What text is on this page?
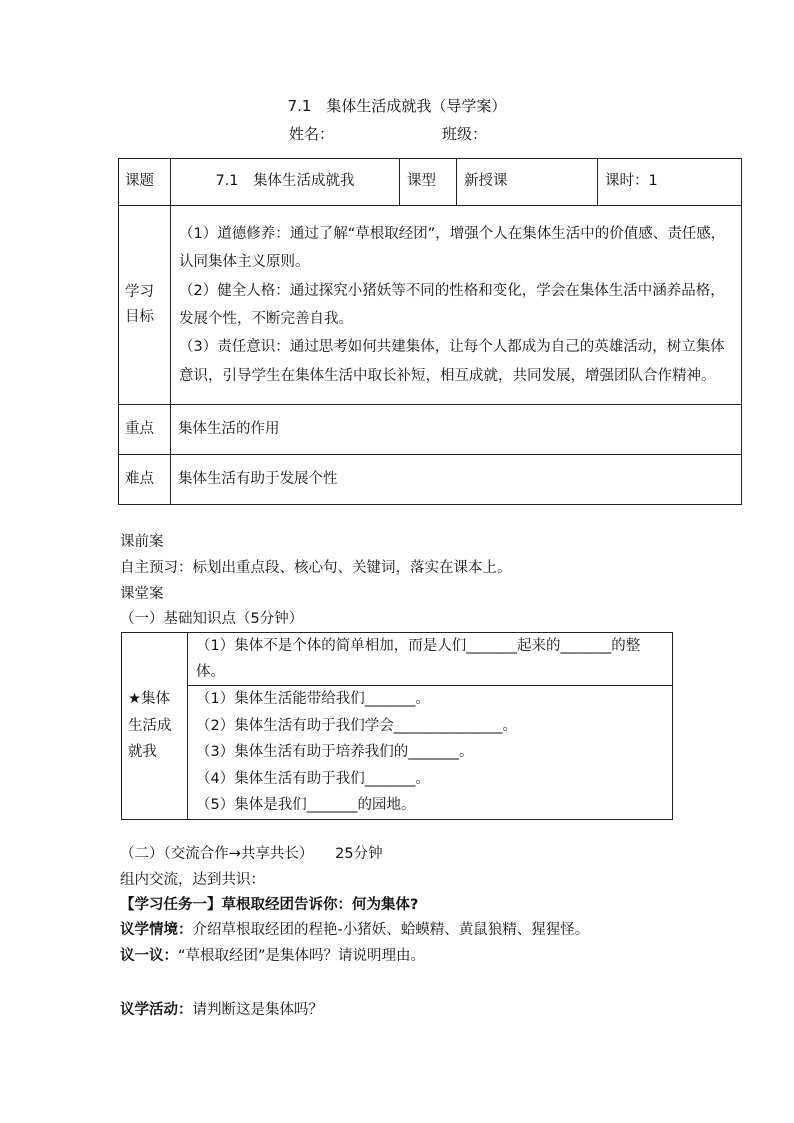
7.1　集体生活成就我（导学案）
姓名：	班级：
课题	7.1　集体生活成就我	课型	新授课	课时：1
学习目标	（1）道德修养：通过了解“草根取经团”，增强个人在集体生活中的价值感、责任感，认同集体主义原则。
（2）健全人格：通过探究小猪妖等不同的性格和变化，学会在集体生活中涵养品格，发展个性，不断完善自我。
（3）责任意识：通过思考如何共建集体，让每个人都成为自己的英雄活动，树立集体意识，引导学生在集体生活中取长补短，相互成就，共同发展，增强团队合作精神。			

重点	集体生活的作用			
难点	集体生活有助于发展个性			
课前案
自主预习：标划出重点段、核心句、关键词，落实在课本上。
课堂案
（一）基础知识点（5分钟）
★集体生活成就我	（1）集体不是个体的简单相加，而是人们_______起来的_______的整体。

（1）集体生活能带给我们_______。
（2）集体生活有助于我们学会_______________。
（3）集体生活有助于培养我们的_______。
（4）集体生活有助于我们_______。
（5）集体是我们_______的园地。
（二）（交流合作→共享共长）　　25分钟
组内交流，达到共识：
【学习任务一】草根取经团告诉你：何为集体?
议学情境：介绍草根取经团的程艳-小猪妖、蛤蟆精、黄鼠狼精、猩猩怪。
议一议：“草根取经团”是集体吗？请说明理由。
议学活动：请判断这是集体吗？
